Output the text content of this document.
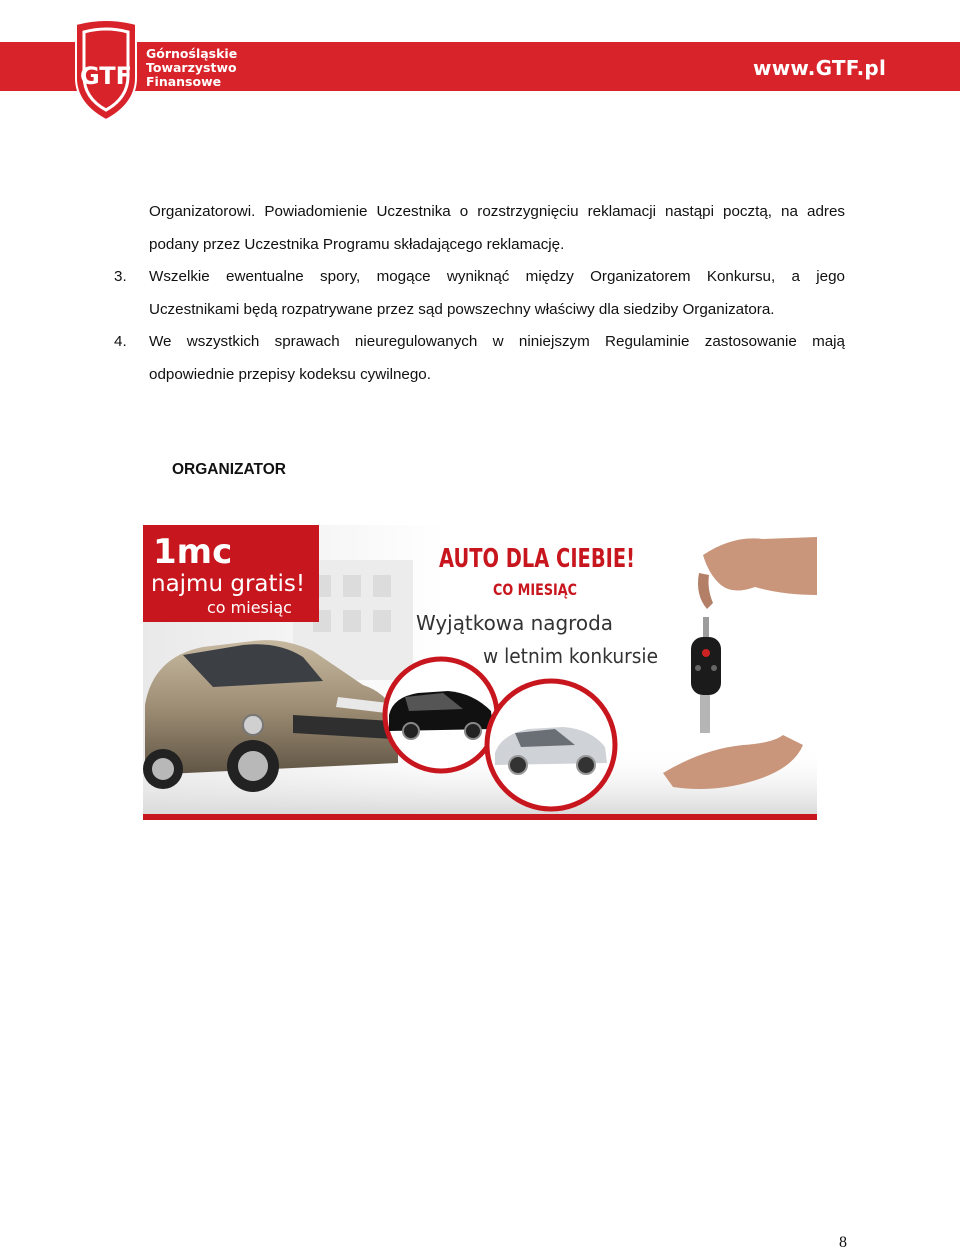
GTF
Górnośląskie
Towarzystwo
Finansowe
www.GTF.pl
Organizatorowi. Powiadomienie Uczestnika o rozstrzygnięciu reklamacji nastąpi pocztą, na adres
podany przez Uczestnika Programu składającego reklamację.
3. Wszelkie ewentualne spory, mogące wyniknąć między Organizatorem Konkursu, a jego
Uczestnikami będą rozpatrywane przez sąd powszechny właściwy dla siedziby Organizatora.
4. We wszystkich sprawach nieuregulowanych w niniejszym Regulaminie zastosowanie mają
odpowiednie przepisy kodeksu cywilnego.
ORGANIZATOR
1mc
najmu gratis!
co miesiąc
AUTO DLA CIEBIE!
CO MIESIĄC
Wyjątkowa nagroda
w letnim konkursie
8
